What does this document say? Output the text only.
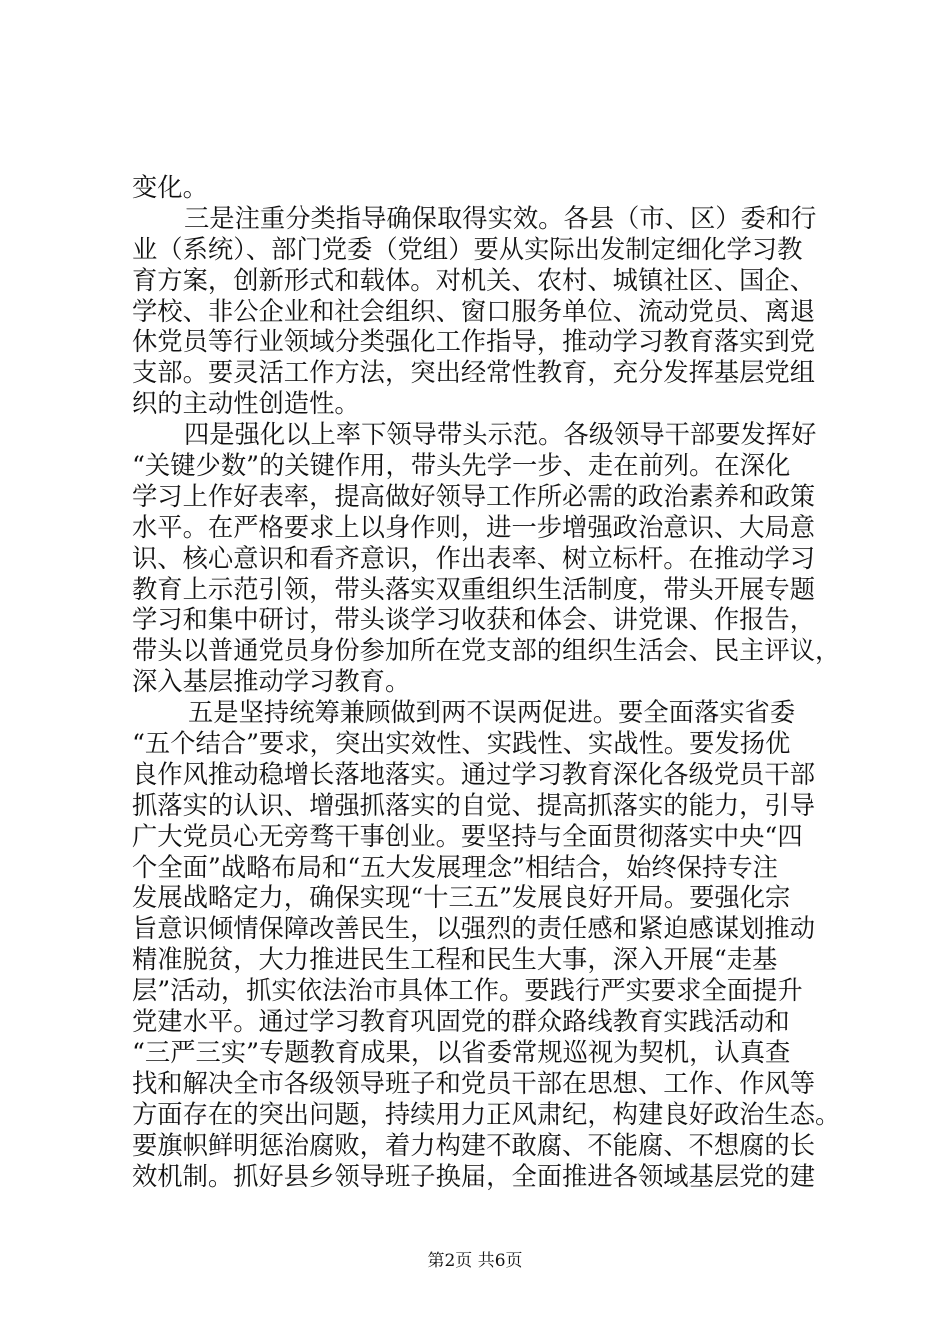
变化。
三是注重分类指导确保取得实效。各县（市、区）委和行
业（系统）、部门党委（党组）要从实际出发制定细化学习教
育方案，创新形式和载体。对机关、农村、城镇社区、国企、
学校、非公企业和社会组织、窗口服务单位、流动党员、离退
休党员等行业领域分类强化工作指导，推动学习教育落实到党
支部。要灵活工作方法，突出经常性教育，充分发挥基层党组
织的主动性创造性。
四是强化以上率下领导带头示范。各级领导干部要发挥好
“关键少数”的关键作用，带头先学一步、走在前列。在深化
学习上作好表率，提高做好领导工作所必需的政治素养和政策
水平。在严格要求上以身作则，进一步增强政治意识、大局意
识、核心意识和看齐意识，作出表率、树立标杆。在推动学习
教育上示范引领，带头落实双重组织生活制度，带头开展专题
学习和集中研讨，带头谈学习收获和体会、讲党课、作报告，
带头以普通党员身份参加所在党支部的组织生活会、民主评议，
深入基层推动学习教育。
五是坚持统筹兼顾做到两不误两促进。要全面落实省委
“五个结合”要求，突出实效性、实践性、实战性。要发扬优
良作风推动稳增长落地落实。通过学习教育深化各级党员干部
抓落实的认识、增强抓落实的自觉、提高抓落实的能力，引导
广大党员心无旁骛干事创业。要坚持与全面贯彻落实中央“四
个全面”战略布局和“五大发展理念”相结合，始终保持专注
发展战略定力，确保实现“十三五”发展良好开局。要强化宗
旨意识倾情保障改善民生，以强烈的责任感和紧迫感谋划推动
精准脱贫，大力推进民生工程和民生大事，深入开展“走基
层”活动，抓实依法治市具体工作。要践行严实要求全面提升
党建水平。通过学习教育巩固党的群众路线教育实践活动和
“三严三实”专题教育成果，以省委常规巡视为契机，认真查
找和解决全市各级领导班子和党员干部在思想、工作、作风等
方面存在的突出问题，持续用力正风肃纪，构建良好政治生态。
要旗帜鲜明惩治腐败，着力构建不敢腐、不能腐、不想腐的长
效机制。抓好县乡领导班子换届，全面推进各领域基层党的建
第2页 共6页
